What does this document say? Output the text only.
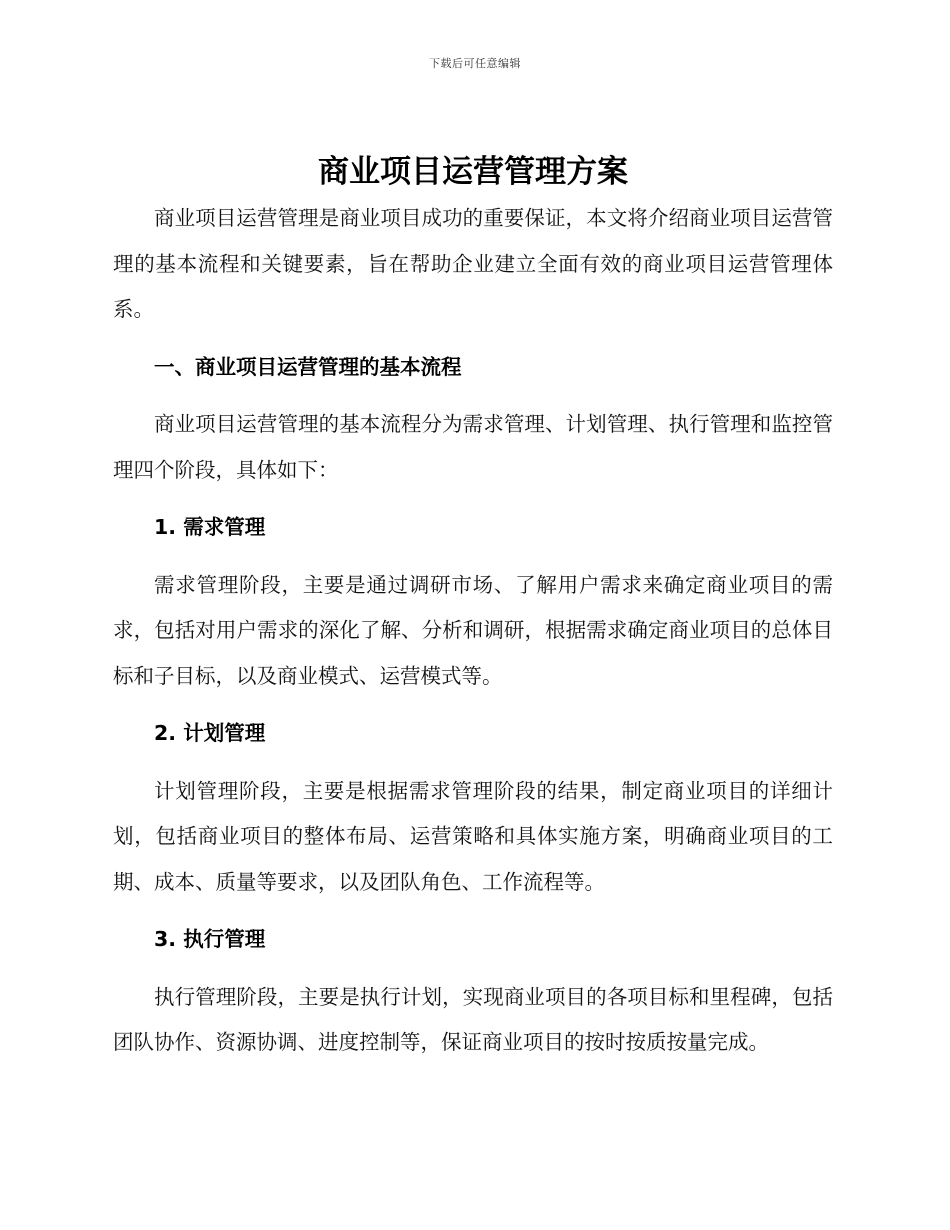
下载后可任意编辑
商业项目运营管理方案

商业项目运营管理是商业项目成功的重要保证，本文将介绍商业项目运营管理的基本流程和关键要素，旨在帮助企业建立全面有效的商业项目运营管理体系。

一、商业项目运营管理的基本流程

商业项目运营管理的基本流程分为需求管理、计划管理、执行管理和监控管理四个阶段，具体如下：

1. 需求管理

需求管理阶段，主要是通过调研市场、了解用户需求来确定商业项目的需求，包括对用户需求的深化了解、分析和调研，根据需求确定商业项目的总体目标和子目标，以及商业模式、运营模式等。

2. 计划管理

计划管理阶段，主要是根据需求管理阶段的结果，制定商业项目的详细计划，包括商业项目的整体布局、运营策略和具体实施方案，明确商业项目的工期、成本、质量等要求，以及团队角色、工作流程等。

3. 执行管理

执行管理阶段，主要是执行计划，实现商业项目的各项目标和里程碑，包括团队协作、资源协调、进度控制等，保证商业项目的按时按质按量完成。
